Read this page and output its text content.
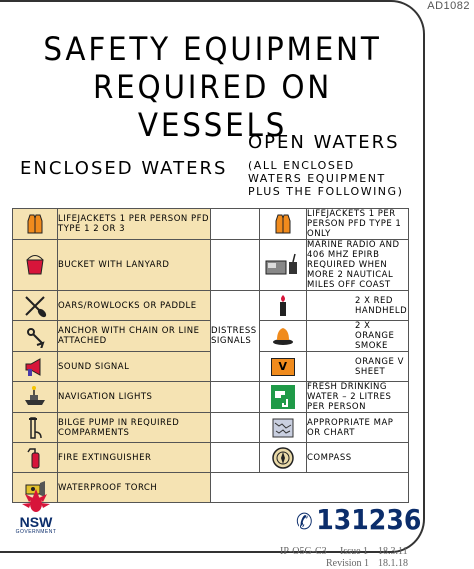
AD1082
SAFETY EQUIPMENT
REQUIRED ON VESSELS
ENCLOSED WATERS
OPEN WATERS
(ALL ENCLOSED WATERS EQUIPMENT PLUS THE FOLLOWING)
	LIFEJACKETS 1 PER PERSON PFD TYPE 1 2 OR 3			LIFEJACKETS 1 PER PERSON PFD TYPE 1 ONLY
	BUCKET WITH LANYARD			MARINE RADIO AND 406 MHZ EPIRB REQUIRED WHEN MORE 2 NAUTICAL MILES OFF COAST
	OARS/ROWLOCKS OR PADDLE	DISTRESS SIGNALS		2 X RED HANDHELD
	ANCHOR WITH CHAIN OR LINE ATTACHED			2 X ORANGE SMOKE
	SOUND SIGNAL		V	ORANGE V SHEET
	NAVIGATION LIGHTS			FRESH DRINKING WATER – 2 LITRES PER PERSON
	BILGE PUMP IN REQUIRED COMPARMENTS			APPROPRIATE MAP OR CHART
	FIRE EXTINGUISHER			COMPASS
	WATERPROOF TORCH			
NSW
GOVERNMENT	✆ 131236
IP-O5G-C3 Issue 1 18.3.11
Revision 1 18.1.18
